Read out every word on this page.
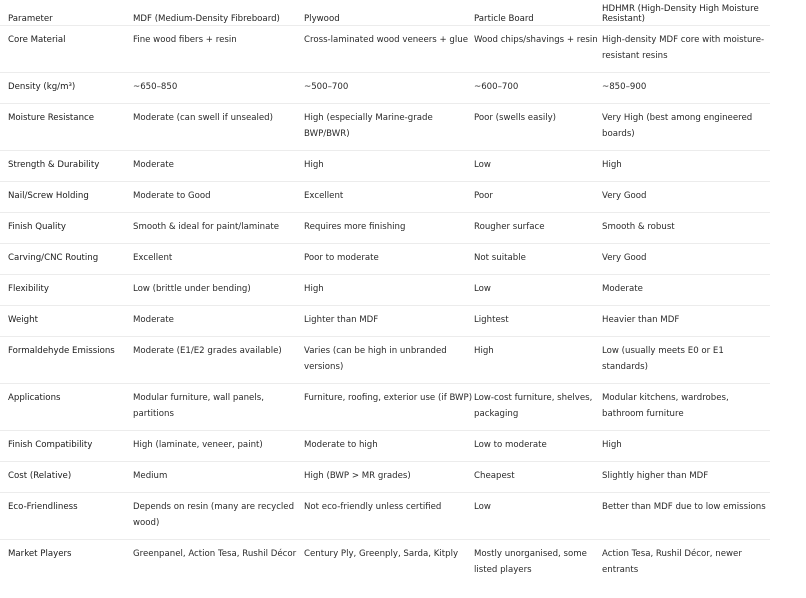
Parameter	MDF (Medium-Density Fibreboard)	Plywood	Particle Board	HDHMR (High-Density High Moisture Resistant)
Core Material	Fine wood fibers + resin	Cross-laminated wood veneers + glue	Wood chips/shavings + resin	High-density MDF core with moisture-resistant resins
Density (kg/m³)	~650–850	~500–700	~600–700	~850–900
Moisture Resistance	Moderate (can swell if unsealed)	High (especially Marine-grade BWP/BWR)	Poor (swells easily)	Very High (best among engineered boards)
Strength & Durability	Moderate	High	Low	High
Nail/Screw Holding	Moderate to Good	Excellent	Poor	Very Good
Finish Quality	Smooth & ideal for paint/laminate	Requires more finishing	Rougher surface	Smooth & robust
Carving/CNC Routing	Excellent	Poor to moderate	Not suitable	Very Good
Flexibility	Low (brittle under bending)	High	Low	Moderate
Weight	Moderate	Lighter than MDF	Lightest	Heavier than MDF
Formaldehyde Emissions	Moderate (E1/E2 grades available)	Varies (can be high in unbranded versions)	High	Low (usually meets E0 or E1 standards)
Applications	Modular furniture, wall panels, partitions	Furniture, roofing, exterior use (if BWP)	Low-cost furniture, shelves, packaging	Modular kitchens, wardrobes, bathroom furniture
Finish Compatibility	High (laminate, veneer, paint)	Moderate to high	Low to moderate	High
Cost (Relative)	Medium	High (BWP > MR grades)	Cheapest	Slightly higher than MDF
Eco-Friendliness	Depends on resin (many are recycled wood)	Not eco-friendly unless certified	Low	Better than MDF due to low emissions
Market Players	Greenpanel, Action Tesa, Rushil Décor	Century Ply, Greenply, Sarda, Kitply	Mostly unorganised, some listed players	Action Tesa, Rushil Décor, newer entrants
